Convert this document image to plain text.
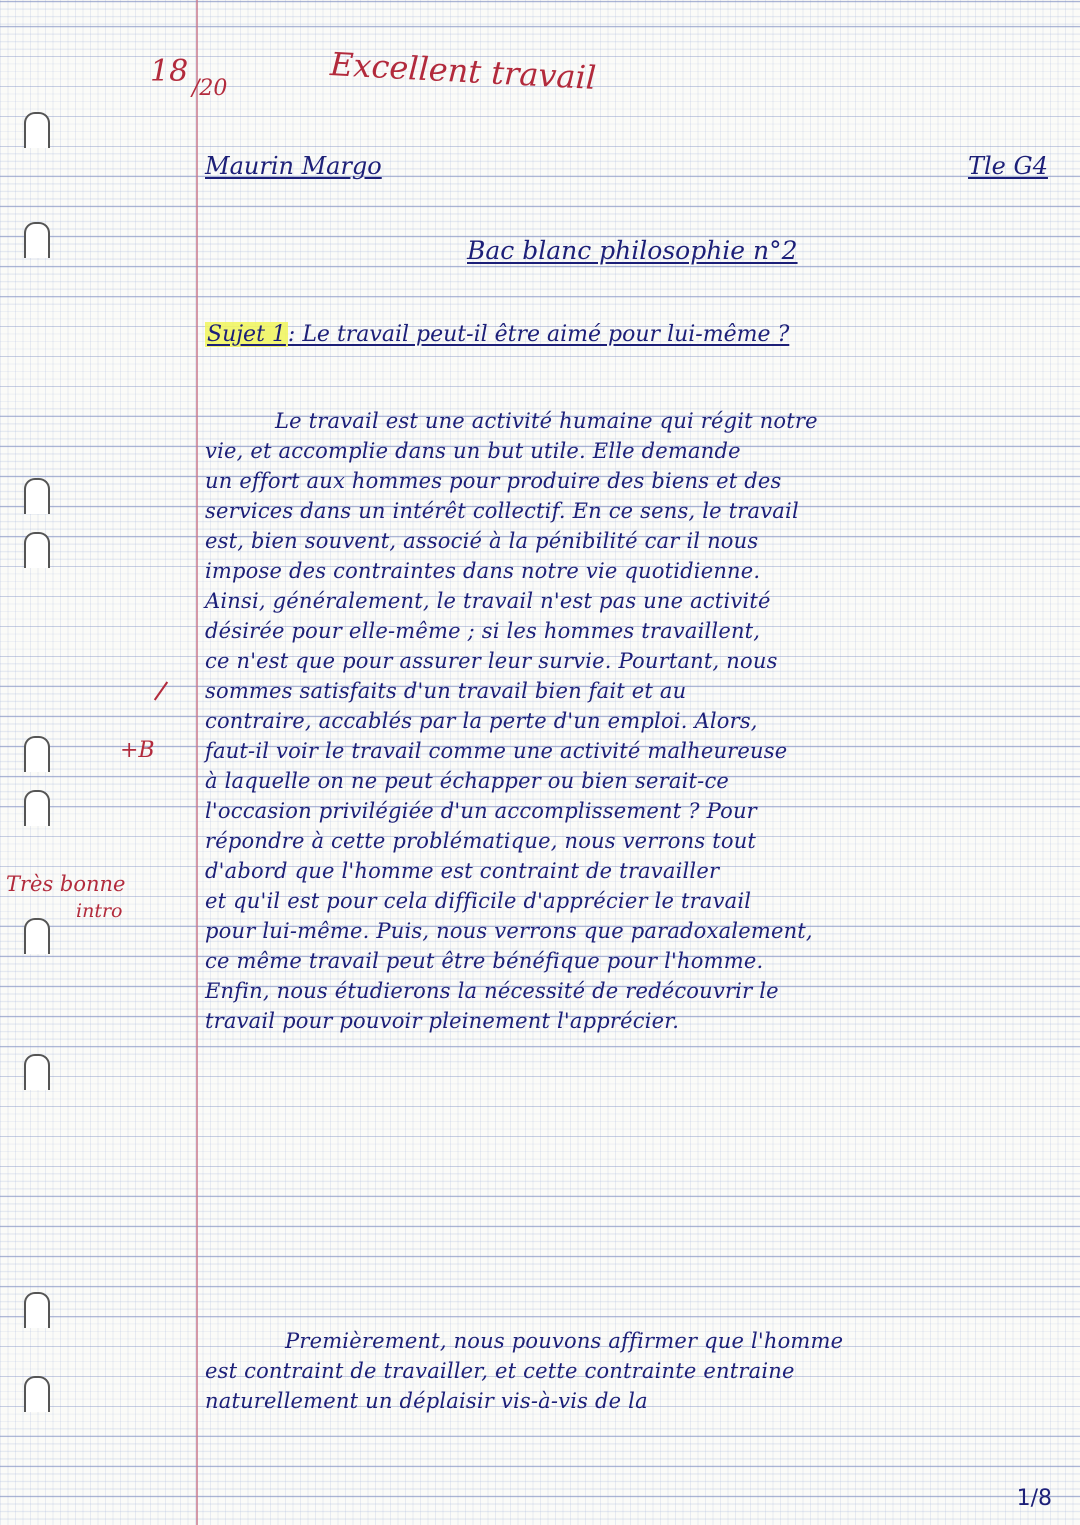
18 /20	Excellent travail
Maurin Margo	Tle G4
Bac blanc philosophie n°2
Sujet 1: Le travail peut-il être aimé pour lui-même ?
+B
Très bonne
intro
Le travail est une activité humaine qui régit notre
vie, et accomplie dans un but utile. Elle demande
un effort aux hommes pour produire des biens et des
services dans un intérêt collectif. En ce sens, le travail
est, bien souvent, associé à la pénibilité car il nous
impose des contraintes dans notre vie quotidienne.
Ainsi, généralement, le travail n'est pas une activité
désirée pour elle-même ; si les hommes travaillent,
ce n'est que pour assurer leur survie. Pourtant, nous
sommes satisfaits d'un travail bien fait et au
contraire, accablés par la perte d'un emploi. Alors,
faut-il voir le travail comme une activité malheureuse
à laquelle on ne peut échapper ou bien serait-ce
l'occasion privilégiée d'un accomplissement ? Pour
répondre à cette problématique, nous verrons tout
d'abord que l'homme est contraint de travailler
et qu'il est pour cela difficile d'apprécier le travail
pour lui-même. Puis, nous verrons que paradoxalement,
ce même travail peut être bénéfique pour l'homme.
Enfin, nous étudierons la nécessité de redécouvrir le
travail pour pouvoir pleinement l'apprécier.
Premièrement, nous pouvons affirmer que l'homme
est contraint de travailler, et cette contrainte entraine
naturellement un déplaisir vis-à-vis de la
1/8
